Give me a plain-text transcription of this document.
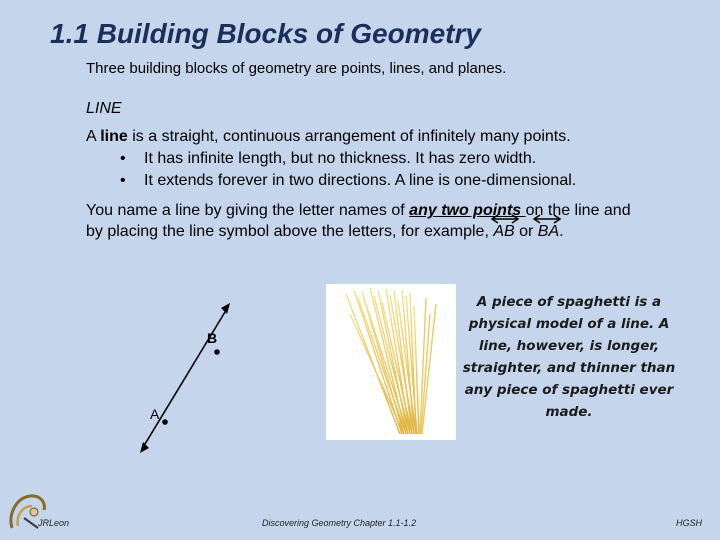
1.1 Building Blocks of Geometry
Three building blocks of geometry are points, lines, and planes.
LINE
A line is a straight, continuous arrangement of infinitely many points.
• It has infinite length, but no thickness. It has zero width.
• It extends forever in two directions. A line is one-dimensional.
You name a line by giving the letter names of any two points on the line and by placing the line symbol above the letters, for example,
AB or
BA.
B
A
A piece of spaghetti is a physical model of a line. A line, however, is longer, straighter, and thinner than any piece of spaghetti ever made.
JRLeon	Discovering Geometry Chapter 1.1-1.2	HGSH
